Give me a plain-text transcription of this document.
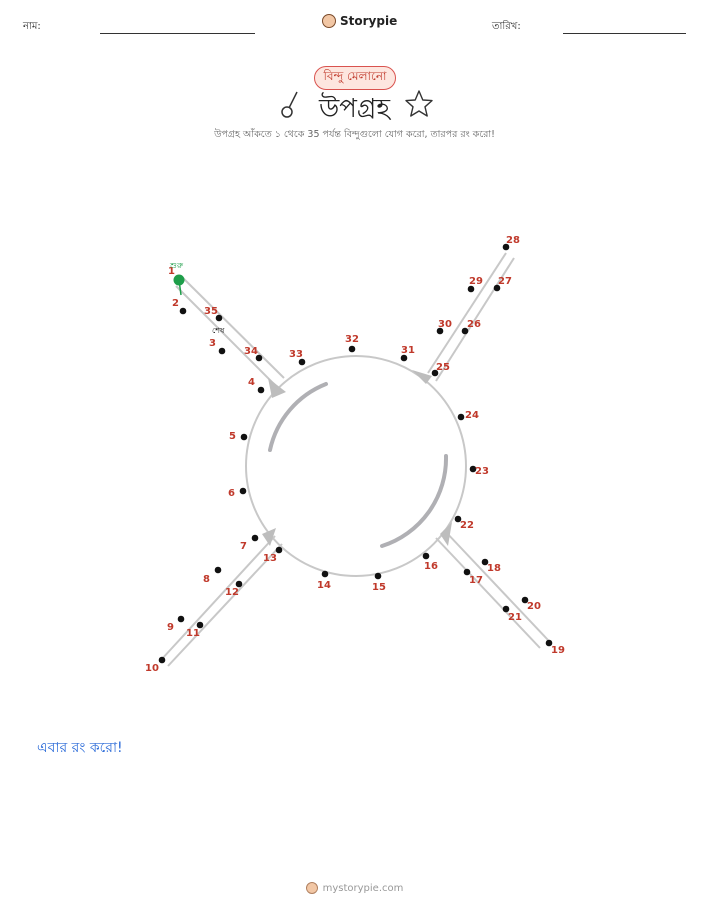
নাম:	Storypie	তারিখ:
বিন্দু মেলানো
উপগ্রহ
উপগ্রহ আঁকতে ১ থেকে 35 পর্যন্ত বিন্দুগুলো যোগ করো, তারপর রং করো!
1
2
3
4
5
6
7
8
9
10
11
12
13
14	15
16
17
18
19
20
21
22
23
24
25
26
27
28
29
30
31
32
33
34
35
শুরু
শেষ
এবার রং করো!
mystorypie.com
